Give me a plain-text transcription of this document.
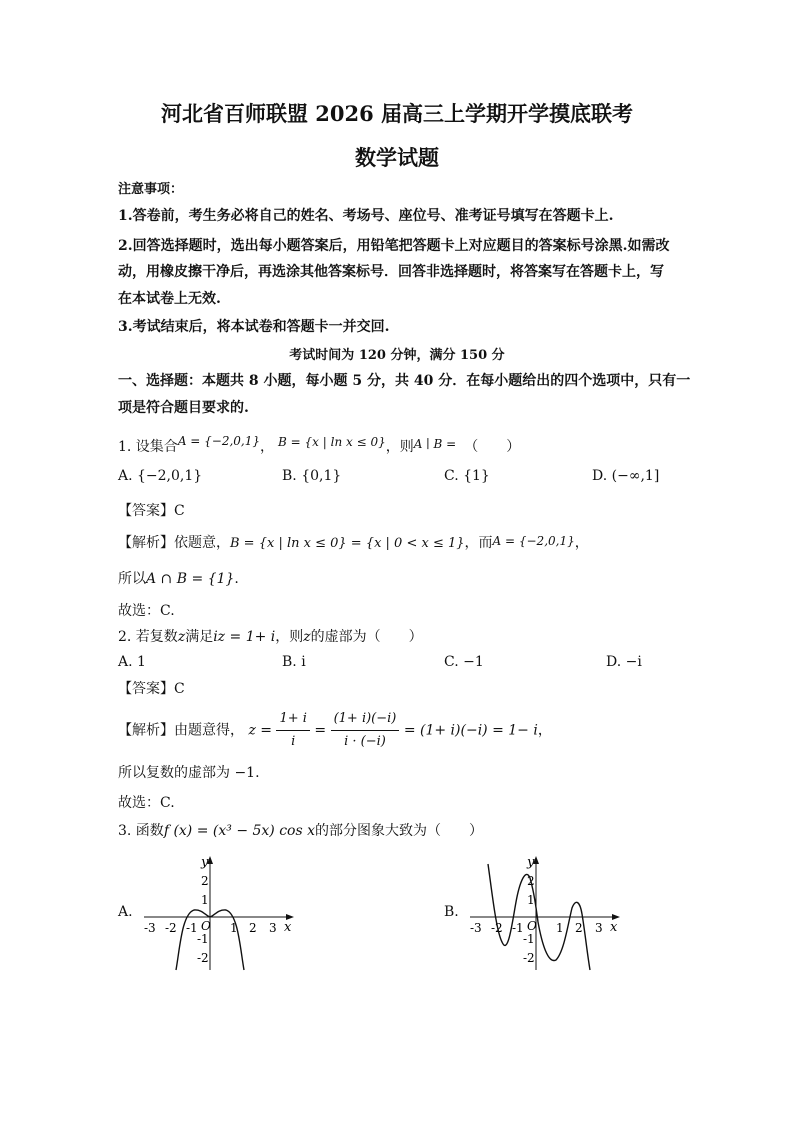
河北省百师联盟 2026 届高三上学期开学摸底联考
数学试题
注意事项：
1.答卷前，考生务必将自己的姓名、考场号、座位号、准考证号填写在答题卡上.
2.回答选择题时，选出每小题答案后，用铅笔把答题卡上对应题目的答案标号涂黑.如需改
动，用橡皮擦干净后，再选涂其他答案标号．回答非选择题时，将答案写在答题卡上，写
在本试卷上无效.
3.考试结束后，将本试卷和答题卡一并交回.
考试时间为 120 分钟，满分 150 分
一、选择题：本题共 8 小题，每小题 5 分，共 40 分．在每小题给出的四个选项中，只有一
项是符合题目要求的.
1. 设集合A = {−2,0,1}， B = {x | ln x ≤ 0}，则A ∣ B = （　　）
A. {−2,0,1}	B. {0,1}	C. {1}	D. (−∞,1]
【答案】C
【解析】依题意，B = {x | ln x ≤ 0} = {x | 0 < x ≤ 1}，而A = {−2,0,1}，
所以A ∩ B = {1}.
故选：C.
2. 若复数z满足iz = 1+ i，则z的虚部为（　　）
A. 1	B. i	C. −1	D. −i
【答案】C
【解析】由题意得， $z = \frac{1+ i}{i} = \frac{(1+ i)(-i)}{i \cdot (-i)} = (1+ i)(-i) = 1- i$，
所以复数的虚部为 −1.
故选：C.
3. 函数f (x) = (x³ − 5x) cos x的部分图象大致为（　　）
A.
x
y
O
-3 -2 -1	1 2 3
2
1
-1
-2
B.
x
y
O
-3 -2 -1	1 2 3
2
1
-1
-2
